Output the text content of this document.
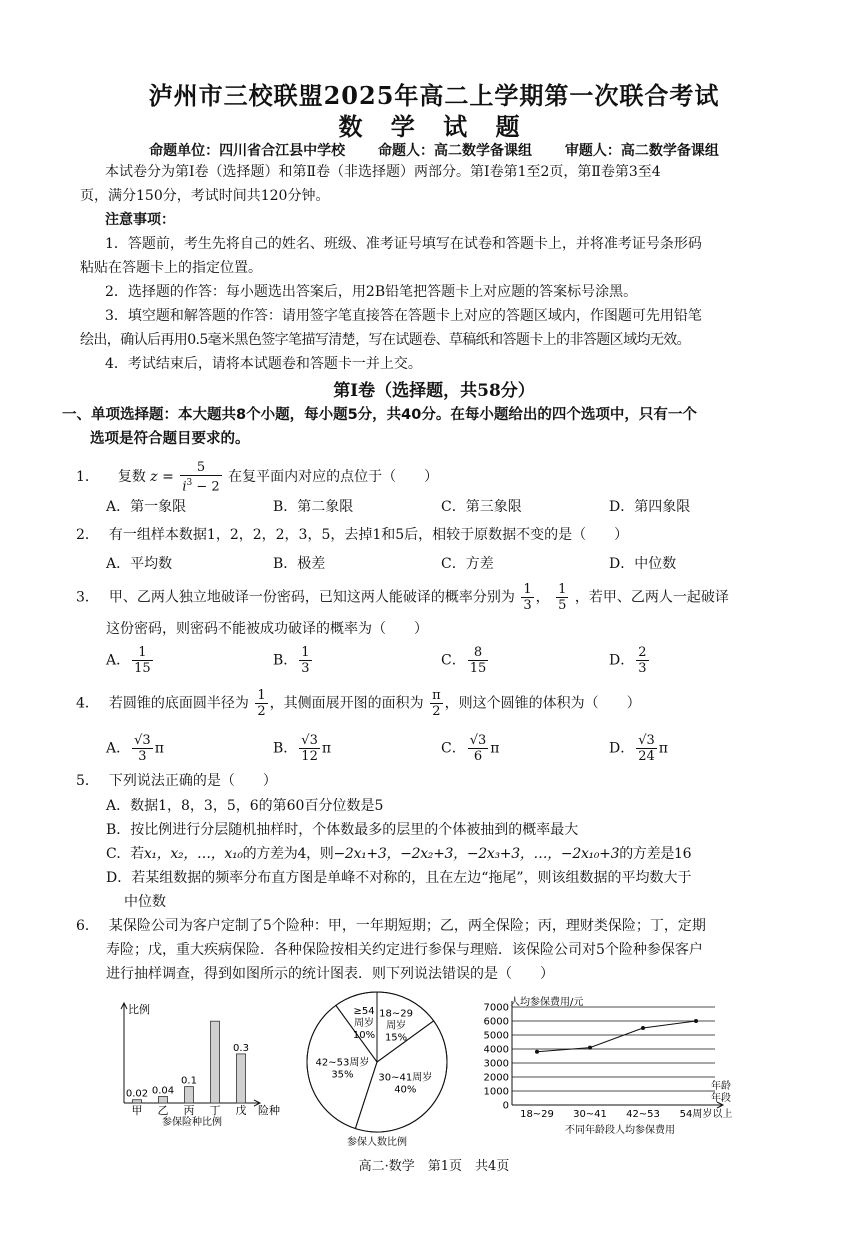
泸州市三校联盟2025年高二上学期第一次联合考试
数 学 试 题
命题单位：四川省合江县中学校 命题人：高二数学备课组 审题人：高二数学备课组
本试卷分为第Ⅰ卷（选择题）和第Ⅱ卷（非选择题）两部分。第Ⅰ卷第1至2页，第Ⅱ卷第3至4
页，满分150分，考试时间共120分钟。
注意事项：
1．答题前，考生先将自己的姓名、班级、准考证号填写在试卷和答题卡上，并将准考证号条形码
粘贴在答题卡上的指定位置。
2．选择题的作答：每小题选出答案后，用2B铅笔把答题卡上对应题的答案标号涂黑。
3．填空题和解答题的作答：请用签字笔直接答在答题卡上对应的答题区域内，作图题可先用铅笔
绘出，确认后再用0.5毫米黑色签字笔描写清楚，写在试题卷、草稿纸和答题卡上的非答题区域均无效。
4．考试结束后，请将本试题卷和答题卡一并上交。
第Ⅰ卷（选择题，共58分）
一、单项选择题：本大题共8个小题，每小题5分，共40分。在每小题给出的四个选项中，只有一个
选项是符合题目要求的。
1． 复数 $z = \frac{5}{i^3 - 2}$ 在复平面内对应的点位于（　　）
A．第一象限	B．第二象限	C．第三象限	D．第四象限
2． 有一组样本数据1，2，2，2，3，5，去掉1和5后，相较于原数据不变的是（　　）
A．平均数	B．极差	C．方差	D．中位数
3． 甲、乙两人独立地破译一份密码，已知这两人能破译的概率分别为 $\frac{1}{3}$ ， $\frac{1}{5}$ ，若甲、乙两人一起破译
这份密码，则密码不能被成功破译的概率为（　　）
A． $\frac{1}{15}$	B． $\frac{1}{3}$	C． $\frac{8}{15}$	D． $\frac{2}{3}$
4． 若圆锥的底面圆半径为 $\frac{1}{2}$ ，其侧面展开图的面积为 $\frac{\pi}{2}$ ，则这个圆锥的体积为（　　）
A． $\frac{√3}{3}$ π	B． $\frac{√3}{12}$ π	C． $\frac{√3}{6}$ π	D． $\frac{√3}{24}$ π
5． 下列说法正确的是（　　）
A．数据1，8，3，5，6的第60百分位数是5
B．按比例进行分层随机抽样时，个体数最多的层里的个体被抽到的概率最大
C．若x₁，x₂，…，x₁₀的方差为4，则−2x₁+3，−2x₂+3，−2x₃+3，…，−2x₁₀+3的方差是16
D．若某组数据的频率分布直方图是单峰不对称的，且在左边“拖尾”，则该组数据的平均数大于
中位数
6． 某保险公司为客户定制了5个险种：甲，一年期短期；乙，两全保险；丙，理财类保险；丁，定期
寿险；戊，重大疾病保险．各种保险按相关约定进行参保与理赔．该保险公司对5个险种参保客户
进行抽样调查，得到如图所示的统计图表．则下列说法错误的是（　　）
比例
险种
甲
0.02
乙
0.04
丙
0.1
丁 戊
0.3
参保险种比例
18~29
周岁
15%
30~41周岁
40%
42~53周岁
35%
≥54
周岁
10%
参保人数比例
0
1000
2000
3000
4000
5000
6000
7000 人均参保费用/元
年龄
年段
18~29 30~41 42~53 54周岁以上
不同年龄段人均参保费用
高二·数学　第1页　共4页
